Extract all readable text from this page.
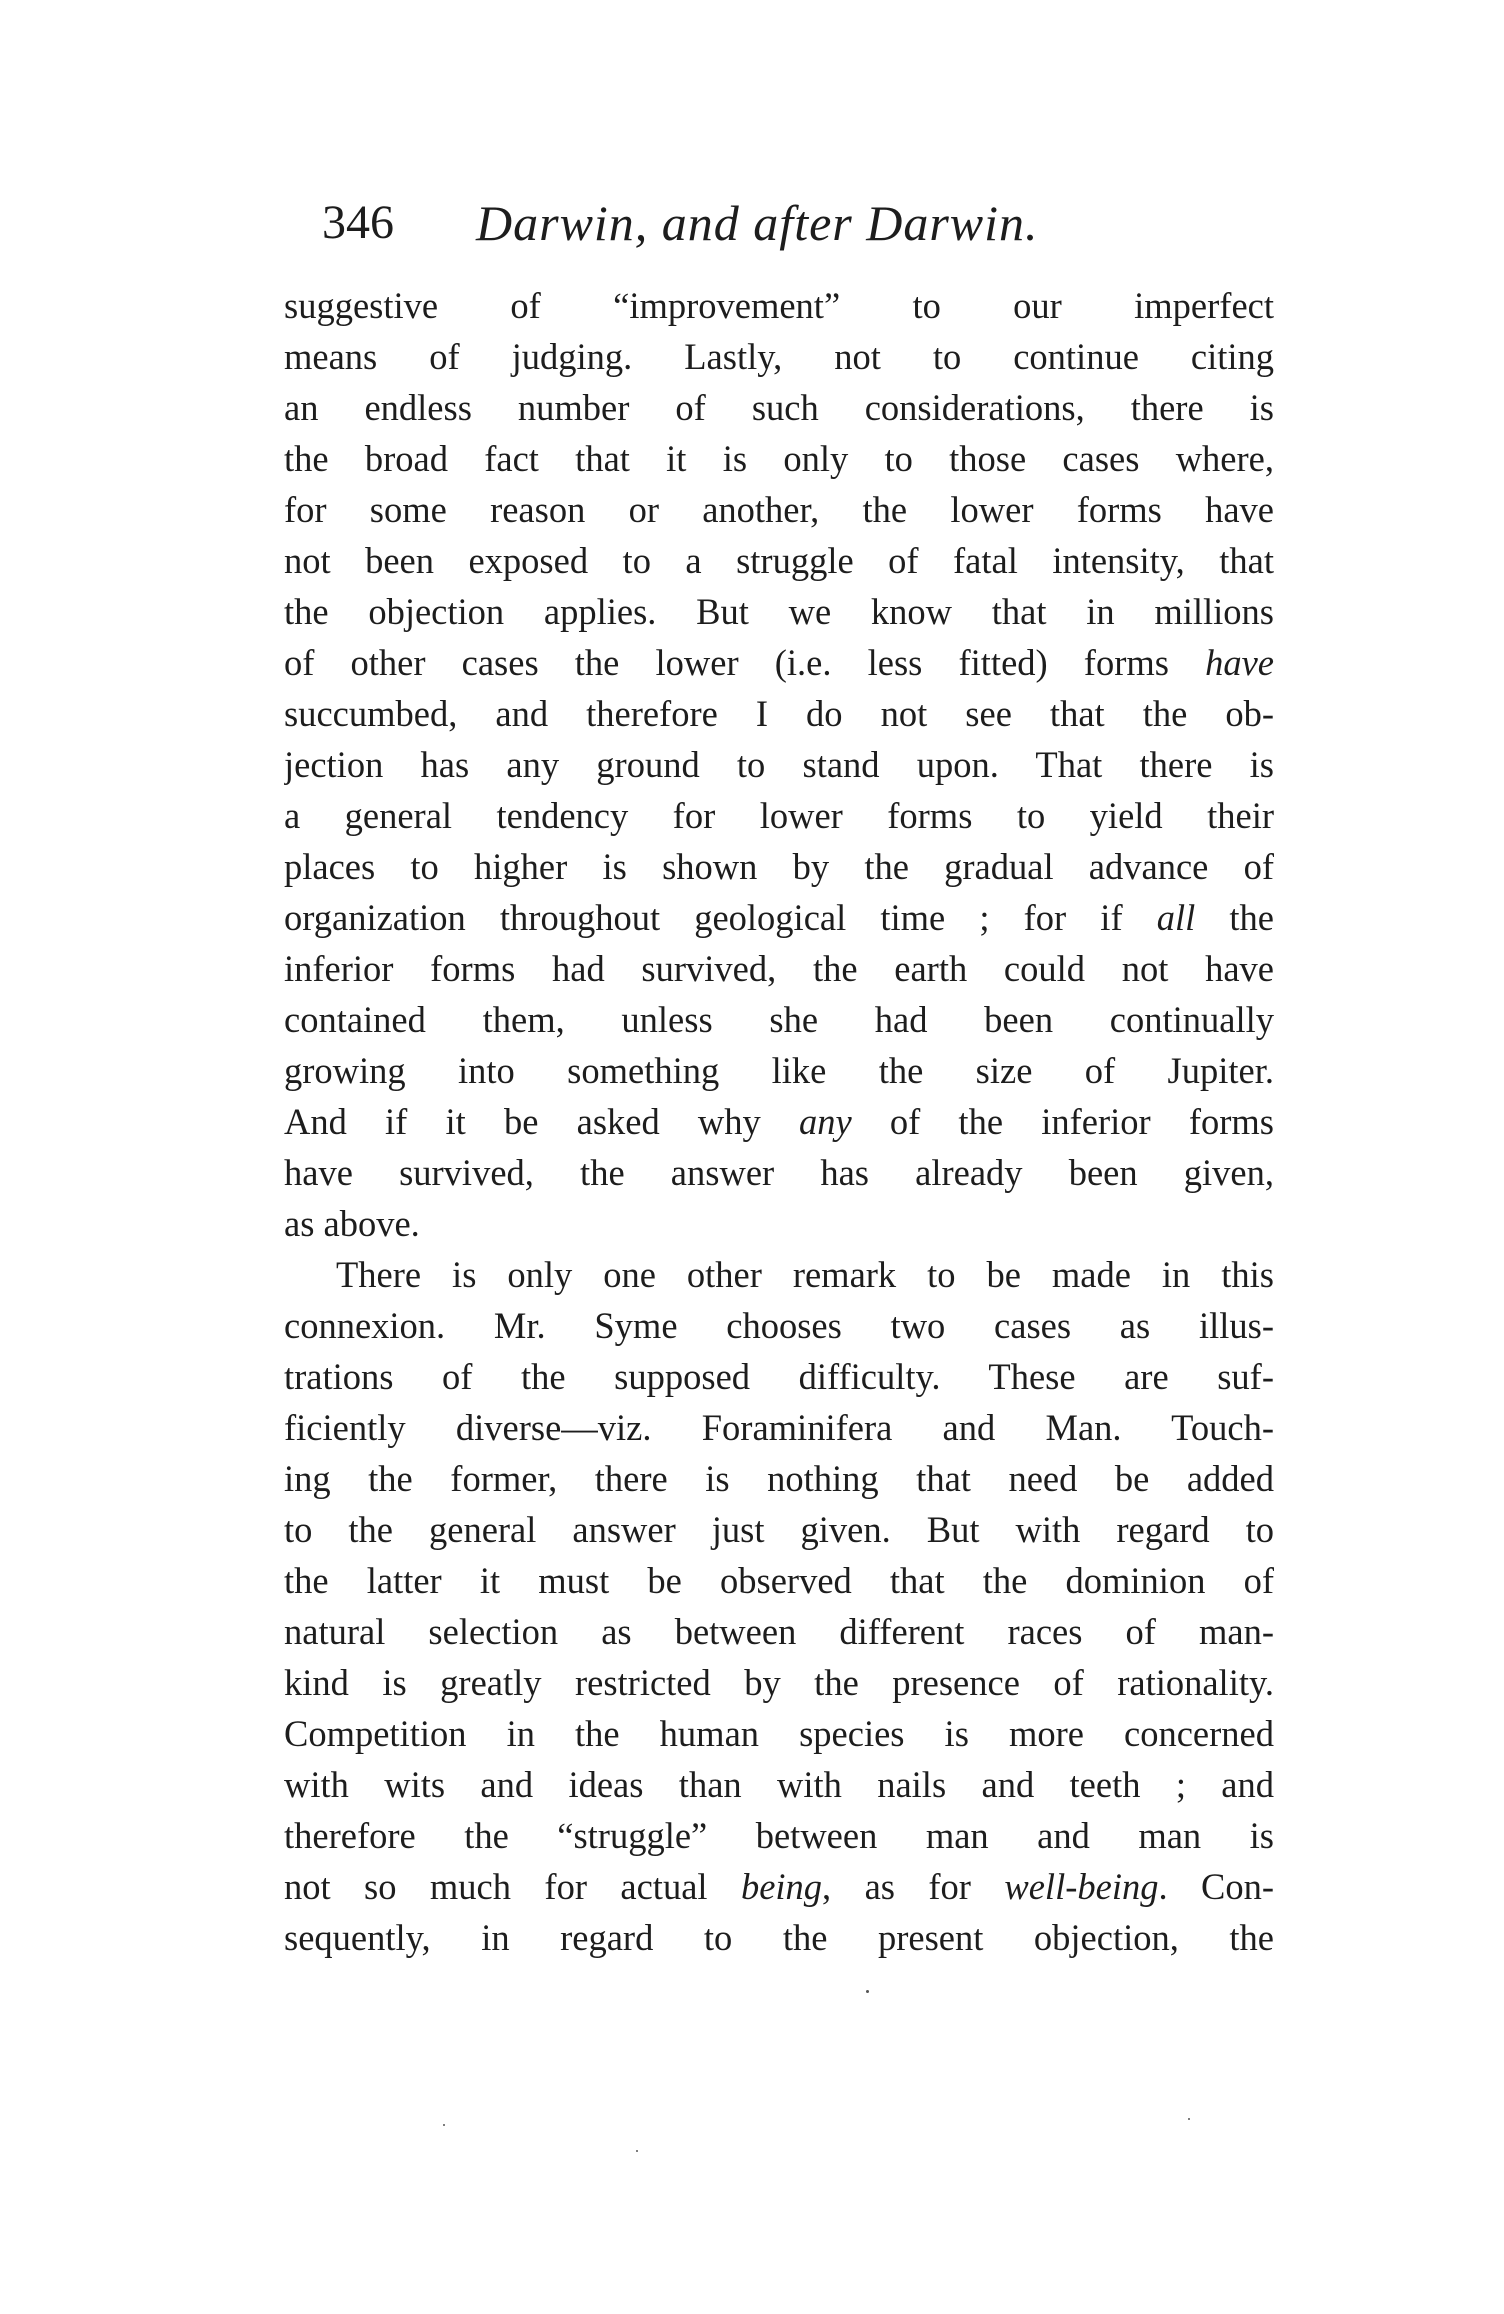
346 Darwin, and after Darwin.
suggestive of “improvement” to our imperfect
means of judging. Lastly, not to continue citing
an endless number of such considerations, there is
the broad fact that it is only to those cases where,
for some reason or another, the lower forms have
not been exposed to a struggle of fatal intensity, that
the objection applies. But we know that in millions
of other cases the lower (i.e. less fitted) forms have
succumbed, and therefore I do not see that the ob-
jection has any ground to stand upon. That there is
a general tendency for lower forms to yield their
places to higher is shown by the gradual advance of
organization throughout geological time ; for if all the
inferior forms had survived, the earth could not have
contained them, unless she had been continually
growing into something like the size of Jupiter.
And if it be asked why any of the inferior forms
have survived, the answer has already been given,
as above.
There is only one other remark to be made in this
connexion. Mr. Syme chooses two cases as illus-
trations of the supposed difficulty. These are suf-
ficiently diverse—viz. Foraminifera and Man. Touch-
ing the former, there is nothing that need be added
to the general answer just given. But with regard to
the latter it must be observed that the dominion of
natural selection as between different races of man-
kind is greatly restricted by the presence of rationality.
Competition in the human species is more concerned
with wits and ideas than with nails and teeth ; and
therefore the “struggle” between man and man is
not so much for actual being, as for well-being. Con-
sequently, in regard to the present objection, the
